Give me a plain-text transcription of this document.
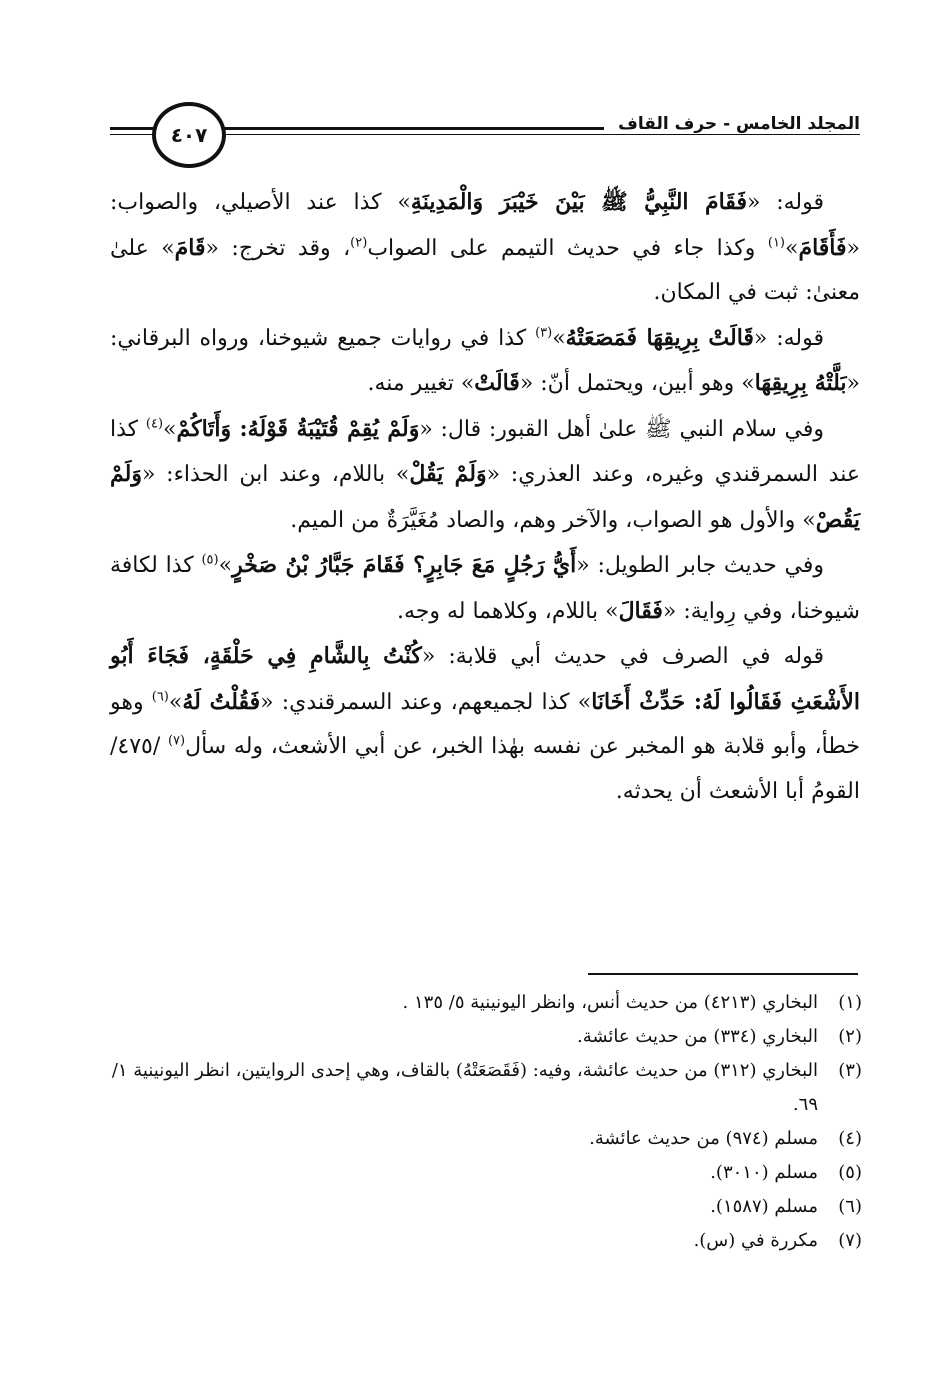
المجلد الخامس - حرف القاف
٤٠٧

قوله: «فَقَامَ النَّبِيُّ ﷺ بَيْنَ خَيْبَرَ وَالْمَدِينَةِ» كذا عند الأصيلي، والصواب: «فَأَقَامَ»$^{(١)}$ وكذا جاء في حديث التيمم على الصواب$^{(٢)}$، وقد تخرج: «قَامَ» علىٰ معنىٰ: ثبت في المكان.

قوله: «قَالَتْ بِرِيقِهَا فَمَصَعَتْهُ»$^{(٣)}$ كذا في روايات جميع شيوخنا، ورواه البرقاني: «بَلَّتْهُ بِرِيقِهَا» وهو أبين، ويحتمل أنّ: «قَالَتْ» تغيير منه.

وفي سلام النبي ﷺ علىٰ أهل القبور: قال: «وَلَمْ يُقِمْ قُتَيْبَةُ قَوْلَهُ: وَأَتَاكُمْ»$^{(٤)}$ كذا عند السمرقندي وغيره، وعند العذري: «وَلَمْ يَقُلْ» باللام، وعند ابن الحذاء: «وَلَمْ يَقُصْ» والأول هو الصواب، والآخر وهم، والصاد مُغَيَّرَةٌ من الميم.

وفي حديث جابر الطويل: «أَيُّ رَجُلٍ مَعَ جَابِرٍ؟ فَقَامَ جَبَّارُ بْنُ صَخْرٍ»$^{(٥)}$ كذا لكافة شيوخنا، وفي رِواية: «فَقَالَ» باللام، وكلاهما له وجه.

قوله في الصرف في حديث أبي قلابة: «كُنْتُ بِالشَّامِ فِي حَلْقَةٍ، فَجَاءَ أَبُو الأَشْعَثِ فَقَالُوا لَهُ: حَدِّثْ أَخَانَا» كذا لجميعهم، وعند السمرقندي: «فَقُلْتُ لَهُ»$^{(٦)}$ وهو خطأ، وأبو قلابة هو المخبر عن نفسه بهٰذا الخبر، عن أبي الأشعث، وله سأل$^{(٧)}$ /٤٧٥/ القومُ أبا الأشعث أن يحدثه.

(١)
البخاري (٤٢١٣) من حديث أنس، وانظر اليونينية ٥/ ١٣٥ .
(٢)
البخاري (٣٣٤) من حديث عائشة.
(٣)
البخاري (٣١٢) من حديث عائشة، وفيه: (فَقَصَعَتْهُ) بالقاف، وهي إحدى الروايتين، انظر اليونينية ١/ ٦٩.
(٤)
مسلم (٩٧٤) من حديث عائشة.
(٥)
مسلم (٣٠١٠).
(٦)
مسلم (١٥٨٧).
(٧)
مكررة في (س).
